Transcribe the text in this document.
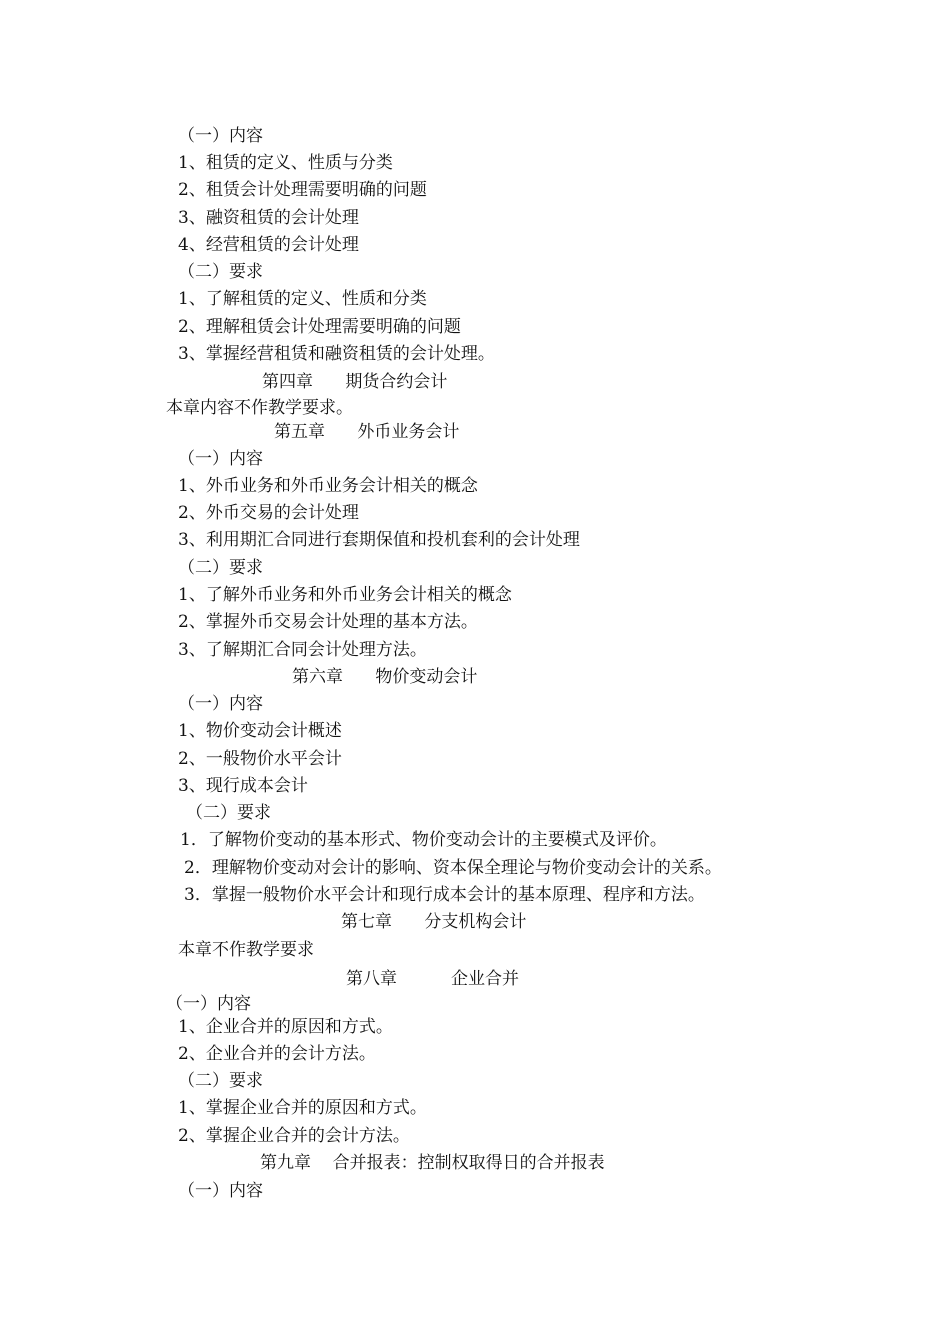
（一）内容

1、租赁的定义、性质与分类

2、租赁会计处理需要明确的问题

3、融资租赁的会计处理

4、经营租赁的会计处理

（二）要求

1、了解租赁的定义、性质和分类

2、理解租赁会计处理需要明确的问题

3、掌握经营租赁和融资租赁的会计处理。

第四章      期货合约会计

本章内容不作教学要求。

第五章      外币业务会计

（一）内容

1、外币业务和外币业务会计相关的概念

2、外币交易的会计处理

3、利用期汇合同进行套期保值和投机套利的会计处理

（二）要求

1、了解外币业务和外币业务会计相关的概念

2、掌握外币交易会计处理的基本方法。

3、了解期汇合同会计处理方法。

第六章      物价变动会计

（一）内容

1、物价变动会计概述

2、一般物价水平会计

3、现行成本会计

（二）要求

1．了解物价变动的基本形式、物价变动会计的主要模式及评价。

2．理解物价变动对会计的影响、资本保全理论与物价变动会计的关系。

3．掌握一般物价水平会计和现行成本会计的基本原理、程序和方法。

第七章      分支机构会计

本章不作教学要求

第八章          企业合并

（一）内容

1、企业合并的原因和方式。

2、企业合并的会计方法。

（二）要求

1、掌握企业合并的原因和方式。

2、掌握企业合并的会计方法。

第九章    合并报表：控制权取得日的合并报表

（一）内容
